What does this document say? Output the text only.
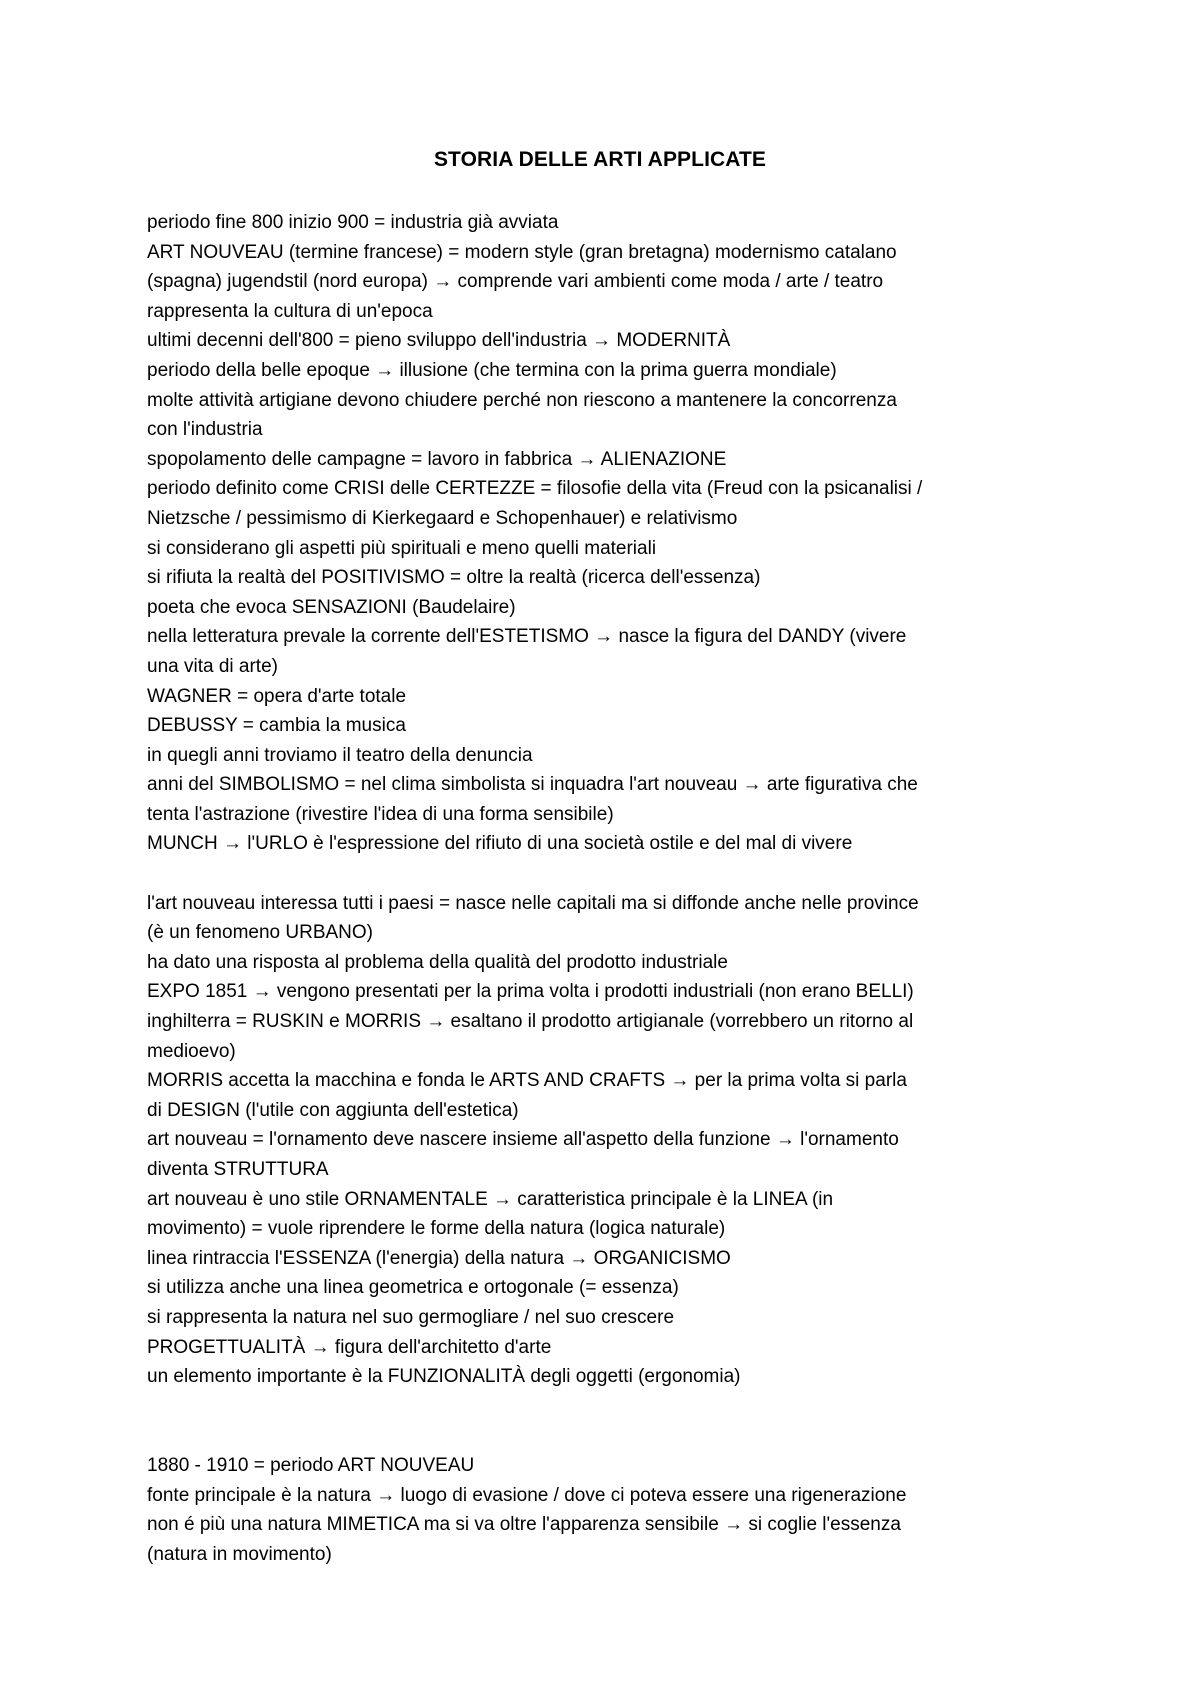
STORIA DELLE ARTI APPLICATE
periodo fine 800 inizio 900 = industria già avviata
ART NOUVEAU (termine francese) = modern style (gran bretagna) modernismo catalano
(spagna) jugendstil (nord europa) → comprende vari ambienti come moda / arte / teatro
rappresenta la cultura di un'epoca
ultimi decenni dell'800 = pieno sviluppo dell'industria → MODERNITÀ
periodo della belle epoque → illusione (che termina con la prima guerra mondiale)
molte attività artigiane devono chiudere perché non riescono a mantenere la concorrenza
con l'industria
spopolamento delle campagne = lavoro in fabbrica → ALIENAZIONE
periodo definito come CRISI delle CERTEZZE = filosofie della vita (Freud con la psicanalisi /
Nietzsche / pessimismo di Kierkegaard e Schopenhauer) e relativismo
si considerano gli aspetti più spirituali e meno quelli materiali
si rifiuta la realtà del POSITIVISMO = oltre la realtà (ricerca dell'essenza)
poeta che evoca SENSAZIONI (Baudelaire)
nella letteratura prevale la corrente dell'ESTETISMO → nasce la figura del DANDY (vivere
una vita di arte)
WAGNER = opera d'arte totale
DEBUSSY = cambia la musica
in quegli anni troviamo il teatro della denuncia
anni del SIMBOLISMO = nel clima simbolista si inquadra l'art nouveau → arte figurativa che
tenta l'astrazione (rivestire l'idea di una forma sensibile)
MUNCH → l'URLO è l'espressione del rifiuto di una società ostile e del mal di vivere
l'art nouveau interessa tutti i paesi = nasce nelle capitali ma si diffonde anche nelle province
(è un fenomeno URBANO)
ha dato una risposta al problema della qualità del prodotto industriale
EXPO 1851 → vengono presentati per la prima volta i prodotti industriali (non erano BELLI)
inghilterra = RUSKIN e MORRIS → esaltano il prodotto artigianale (vorrebbero un ritorno al
medioevo)
MORRIS accetta la macchina e fonda le ARTS AND CRAFTS → per la prima volta si parla
di DESIGN (l'utile con aggiunta dell'estetica)
art nouveau = l'ornamento deve nascere insieme all'aspetto della funzione → l'ornamento
diventa STRUTTURA
art nouveau è uno stile ORNAMENTALE → caratteristica principale è la LINEA (in
movimento) = vuole riprendere le forme della natura (logica naturale)
linea rintraccia l'ESSENZA (l'energia) della natura → ORGANICISMO
si utilizza anche una linea geometrica e ortogonale (= essenza)
si rappresenta la natura nel suo germogliare / nel suo crescere
PROGETTUALITÀ → figura dell'architetto d'arte
un elemento importante è la FUNZIONALITÀ degli oggetti (ergonomia)
1880 - 1910 = periodo ART NOUVEAU
fonte principale è la natura → luogo di evasione / dove ci poteva essere una rigenerazione
non é più una natura MIMETICA ma si va oltre l'apparenza sensibile → si coglie l'essenza
(natura in movimento)
